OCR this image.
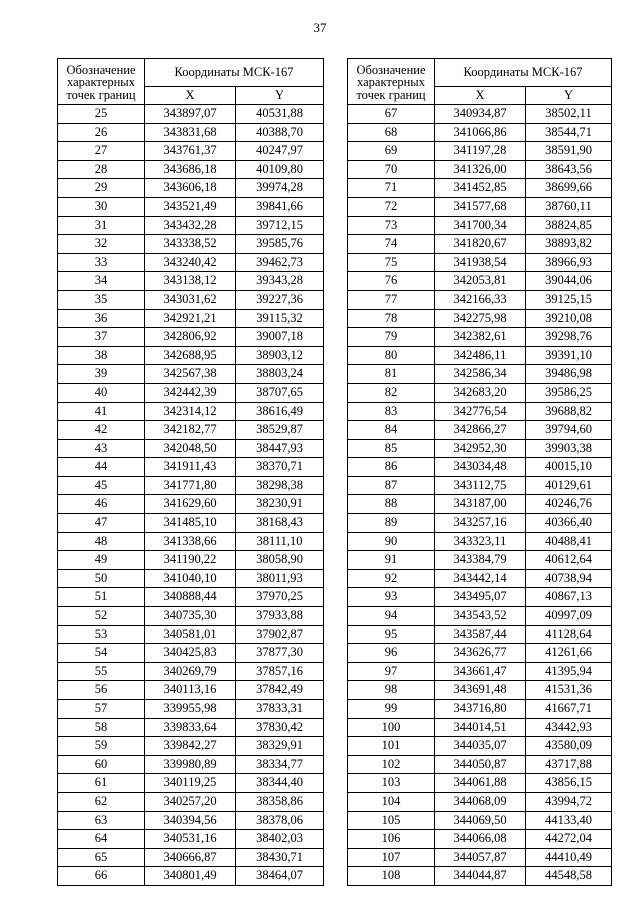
37
Обозначение
характерных
точек границ	Координаты МСК-167	
	X	Y
25	343897,07	40531,88
26	343831,68	40388,70
27	343761,37	40247,97
28	343686,18	40109,80
29	343606,18	39974,28
30	343521,49	39841,66
31	343432,28	39712,15
32	343338,52	39585,76
33	343240,42	39462,73
34	343138,12	39343,28
35	343031,62	39227,36
36	342921,21	39115,32
37	342806,92	39007,18
38	342688,95	38903,12
39	342567,38	38803,24
40	342442,39	38707,65
41	342314,12	38616,49
42	342182,77	38529,87
43	342048,50	38447,93
44	341911,43	38370,71
45	341771,80	38298,38
46	341629,60	38230,91
47	341485,10	38168,43
48	341338,66	38111,10
49	341190,22	38058,90
50	341040,10	38011,93
51	340888,44	37970,25
52	340735,30	37933,88
53	340581,01	37902,87
54	340425,83	37877,30
55	340269,79	37857,16
56	340113,16	37842,49
57	339955,98	37833,31
58	339833,64	37830,42
59	339842,27	38329,91
60	339980,89	38334,77
61	340119,25	38344,40
62	340257,20	38358,86
63	340394,56	38378,06
64	340531,16	38402,03
65	340666,87	38430,71
66	340801,49	38464,07
Обозначение
характерных
точек границ	Координаты МСК-167	
	X	Y
67	340934,87	38502,11
68	341066,86	38544,71
69	341197,28	38591,90
70	341326,00	38643,56
71	341452,85	38699,66
72	341577,68	38760,11
73	341700,34	38824,85
74	341820,67	38893,82
75	341938,54	38966,93
76	342053,81	39044,06
77	342166,33	39125,15
78	342275,98	39210,08
79	342382,61	39298,76
80	342486,11	39391,10
81	342586,34	39486,98
82	342683,20	39586,25
83	342776,54	39688,82
84	342866,27	39794,60
85	342952,30	39903,38
86	343034,48	40015,10
87	343112,75	40129,61
88	343187,00	40246,76
89	343257,16	40366,40
90	343323,11	40488,41
91	343384,79	40612,64
92	343442,14	40738,94
93	343495,07	40867,13
94	343543,52	40997,09
95	343587,44	41128,64
96	343626,77	41261,66
97	343661,47	41395,94
98	343691,48	41531,36
99	343716,80	41667,71
100	344014,51	43442,93
101	344035,07	43580,09
102	344050,87	43717,88
103	344061,88	43856,15
104	344068,09	43994,72
105	344069,50	44133,40
106	344066,08	44272,04
107	344057,87	44410,49
108	344044,87	44548,58
